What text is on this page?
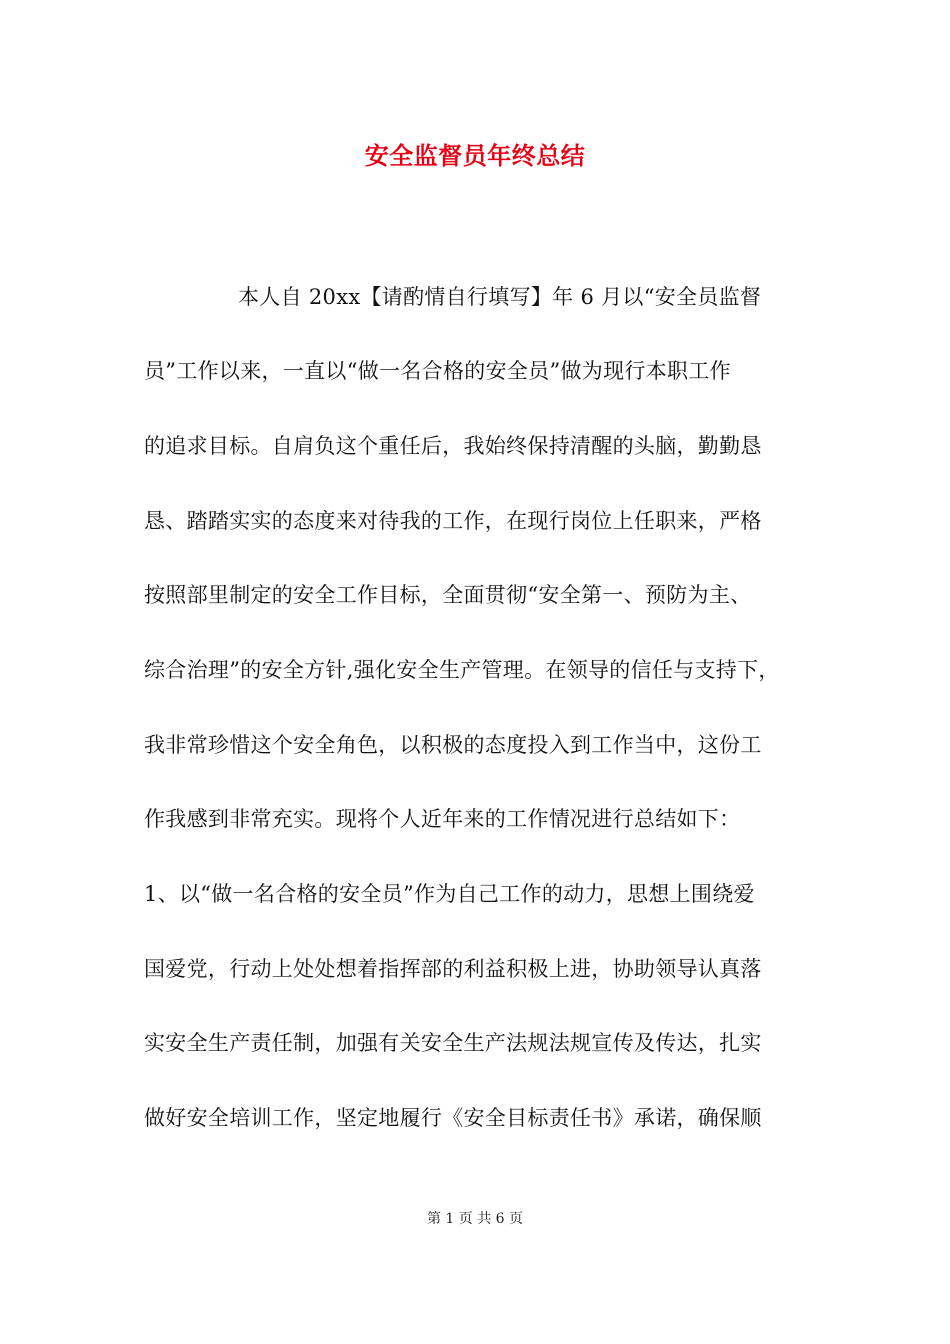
安全监督员年终总结
本人自 20xx【请酌情自行填写】年 6 月以“安全员监督
员”工作以来，一直以“做一名合格的安全员”做为现行本职工作
的追求目标。自肩负这个重任后，我始终保持清醒的头脑，勤勤恳
恳、踏踏实实的态度来对待我的工作，在现行岗位上任职来，严格
按照部里制定的安全工作目标，全面贯彻“安全第一、预防为主、
综合治理”的安全方针,强化安全生产管理。在领导的信任与支持下，
我非常珍惜这个安全角色，以积极的态度投入到工作当中，这份工
作我感到非常充实。现将个人近年来的工作情况进行总结如下：
1、以“做一名合格的安全员”作为自己工作的动力，思想上围绕爱
国爱党，行动上处处想着指挥部的利益积极上进，协助领导认真落
实安全生产责任制，加强有关安全生产法规法规宣传及传达，扎实
做好安全培训工作，坚定地履行《安全目标责任书》承诺，确保顺
第 1 页 共 6 页
